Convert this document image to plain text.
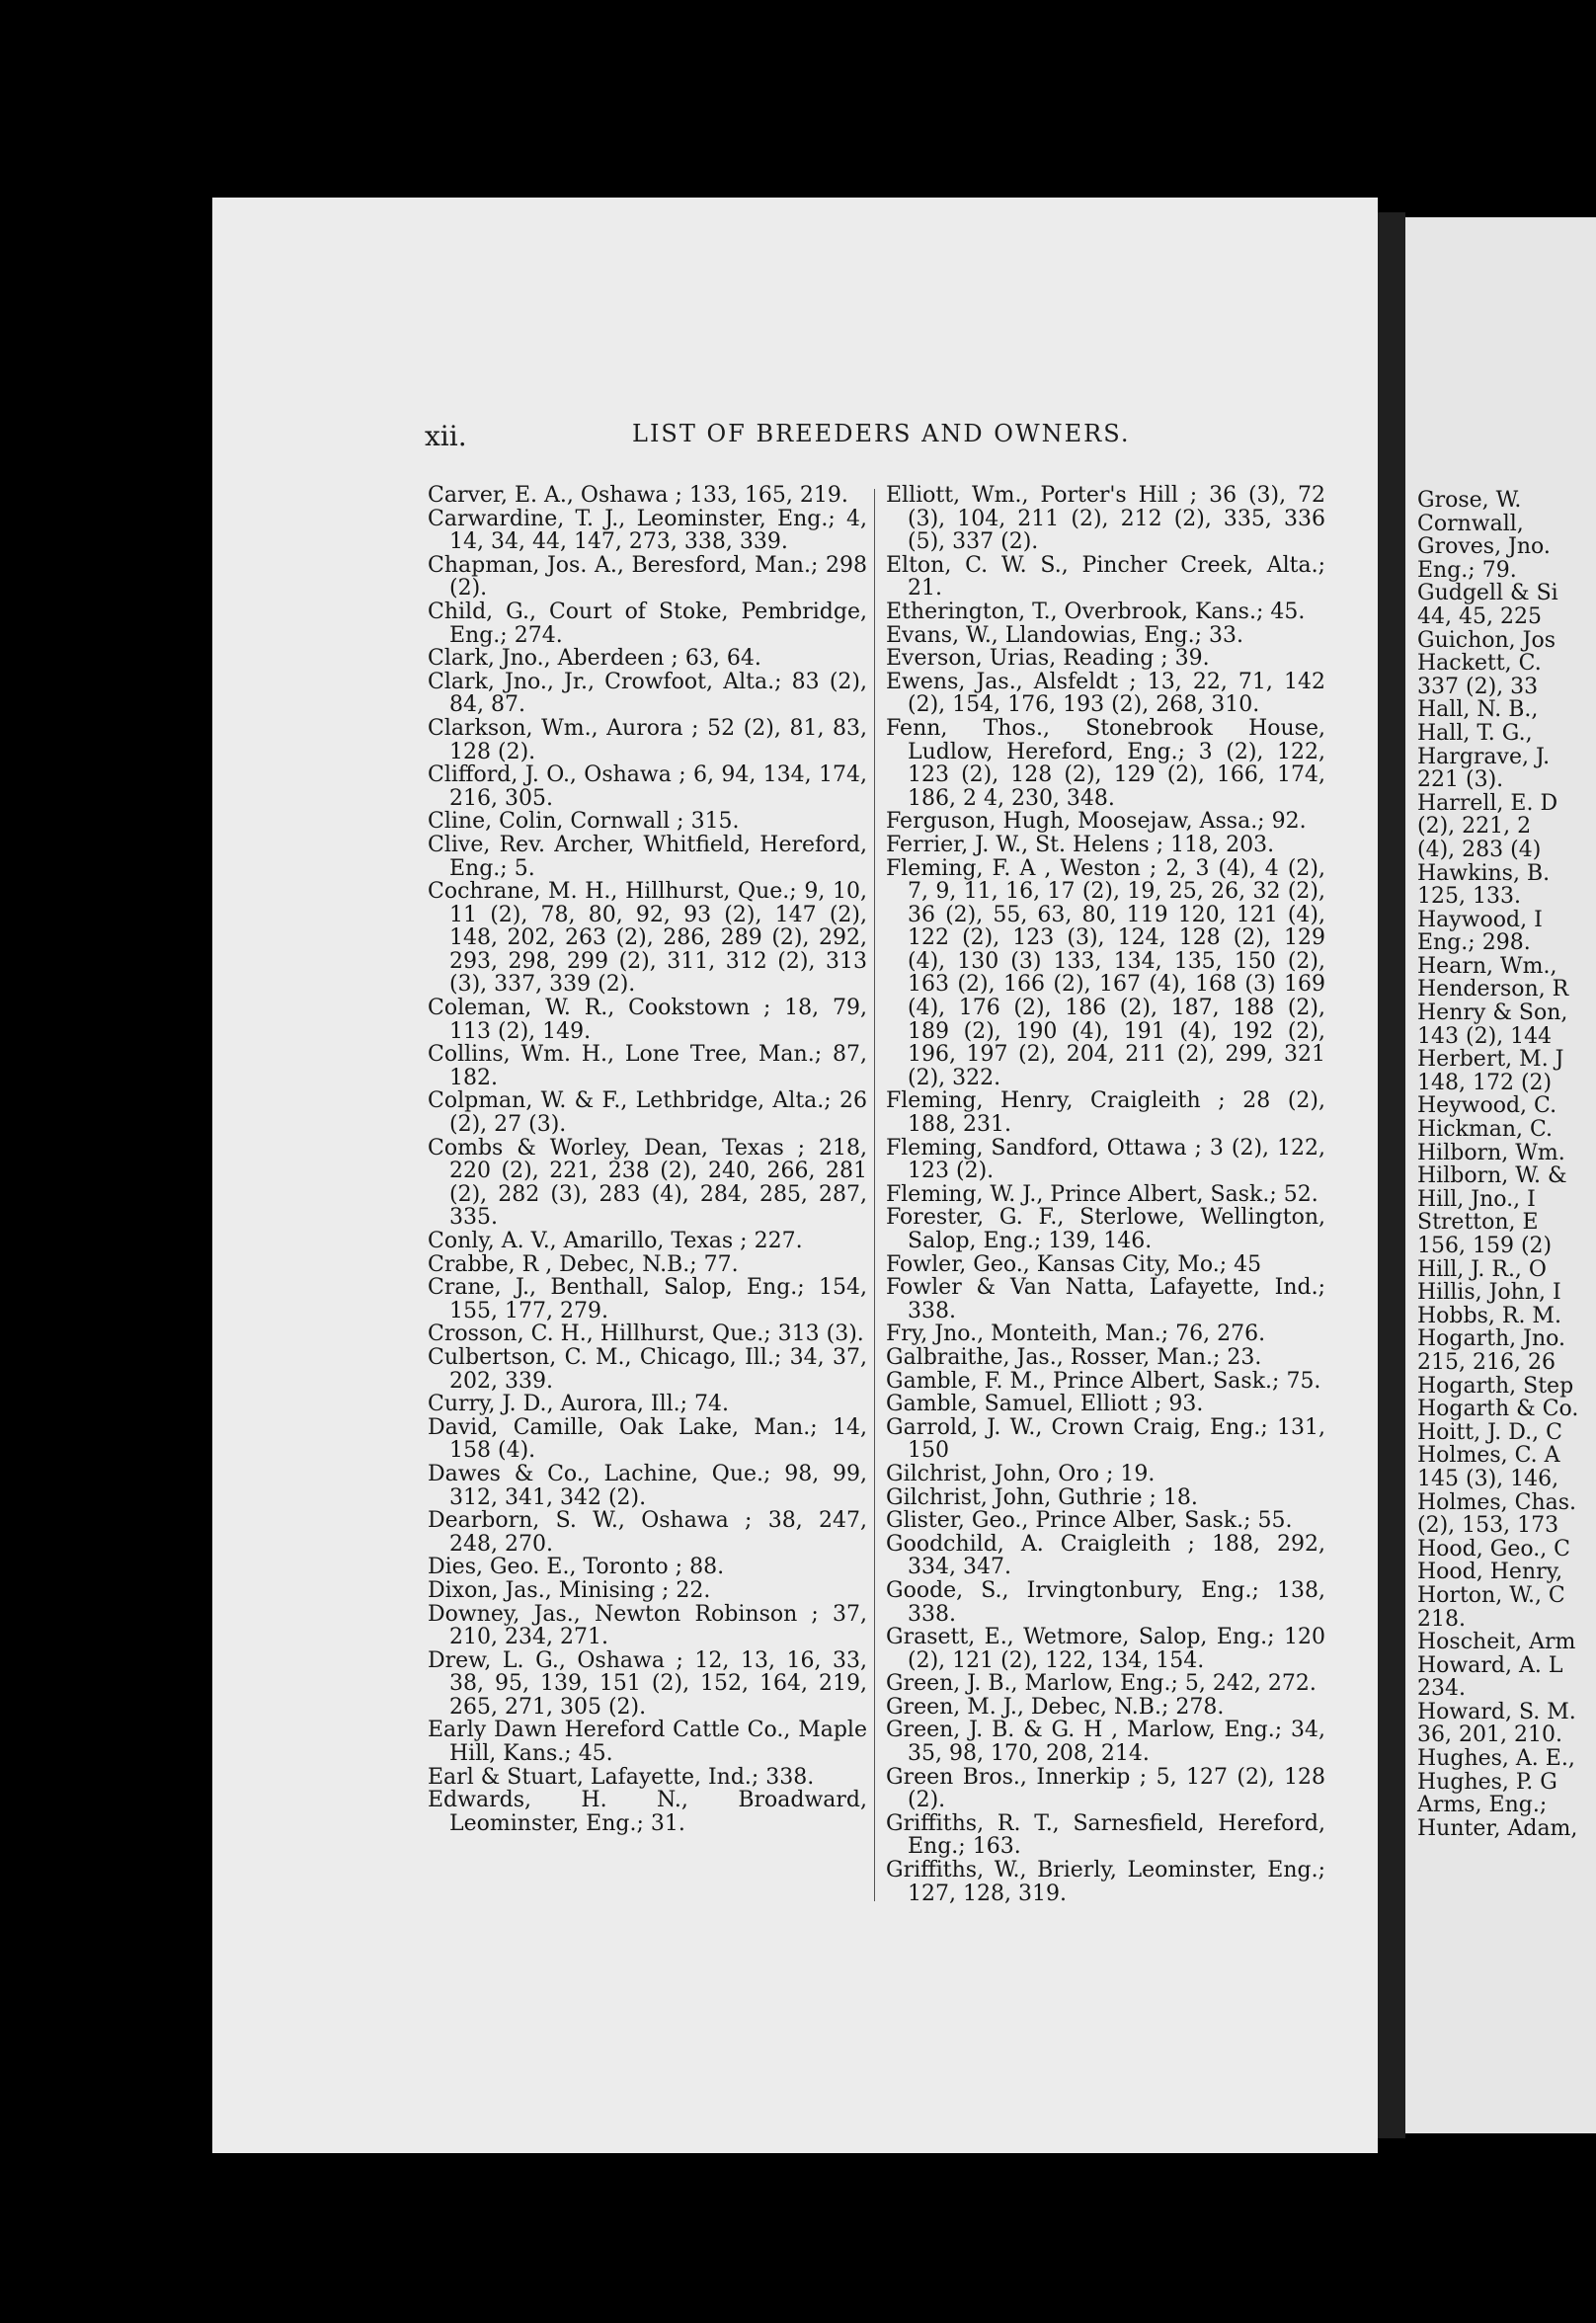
Grose, W.

Cornwall,

Groves, Jno.

Eng.; 79.

Gudgell & Si

44, 45, 225

Guichon, Jos

Hackett, C.

337 (2), 33

Hall, N. B.,

Hall, T. G.,

Hargrave, J.

221 (3).

Harrell, E. D

(2), 221, 2

(4), 283 (4)

Hawkins, B.

125, 133.

Haywood, I

Eng.; 298.

Hearn, Wm.,

Henderson, R

Henry & Son,

143 (2), 144

Herbert, M. J

148, 172 (2)

Heywood, C.

Hickman, C.

Hilborn, Wm.

Hilborn, W. &

Hill, Jno., I

Stretton, E

156, 159 (2)

Hill, J. R., O

Hillis, John, I

Hobbs, R. M.

Hogarth, Jno.

215, 216, 26

Hogarth, Step

Hogarth & Co.

Hoitt, J. D., C

Holmes, C. A

145 (3), 146,

Holmes, Chas.

(2), 153, 173

Hood, Geo., C

Hood, Henry,

Horton, W., C

218.

Hoscheit, Arm

Howard, A. L

234.

Howard, S. M.

36, 201, 210.

Hughes, A. E.,

Hughes, P. G

Arms, Eng.;

Hunter, Adam,

xii.	LIST OF BREEDERS AND OWNERS.

Carver, E. A., Oshawa ; 133, 165, 219.

Carwardine, T. J., Leominster, Eng.; 4, 14, 34, 44, 147, 273, 338, 339.

Chapman, Jos. A., Beresford, Man.; 298 (2).

Child, G., Court of Stoke, Pembridge, Eng.; 274.

Clark, Jno., Aberdeen ; 63, 64.

Clark, Jno., Jr., Crowfoot, Alta.; 83 (2), 84, 87.

Clarkson, Wm., Aurora ; 52 (2), 81, 83, 128 (2).

Clifford, J. O., Oshawa ; 6, 94, 134, 174, 216, 305.

Cline, Colin, Cornwall ; 315.

Clive, Rev. Archer, Whitfield, Hereford, Eng.; 5.

Cochrane, M. H., Hillhurst, Que.; 9, 10, 11 (2), 78, 80, 92, 93 (2), 147 (2), 148, 202, 263 (2), 286, 289 (2), 292, 293, 298, 299 (2), 311, 312 (2), 313 (3), 337, 339 (2).

Coleman, W. R., Cookstown ; 18, 79, 113 (2), 149.

Collins, Wm. H., Lone Tree, Man.; 87, 182.

Colpman, W. & F., Lethbridge, Alta.; 26 (2), 27 (3).

Combs & Worley, Dean, Texas ; 218, 220 (2), 221, 238 (2), 240, 266, 281 (2), 282 (3), 283 (4), 284, 285, 287, 335.

Conly, A. V., Amarillo, Texas ; 227.

Crabbe, R , Debec, N.B.; 77.

Crane, J., Benthall, Salop, Eng.; 154, 155, 177, 279.

Crosson, C. H., Hillhurst, Que.; 313 (3).

Culbertson, C. M., Chicago, Ill.; 34, 37, 202, 339.

Curry, J. D., Aurora, Ill.; 74.

David, Camille, Oak Lake, Man.; 14, 158 (4).

Dawes & Co., Lachine, Que.; 98, 99, 312, 341, 342 (2).

Dearborn, S. W., Oshawa ; 38, 247, 248, 270.

Dies, Geo. E., Toronto ; 88.

Dixon, Jas., Minising ; 22.

Downey, Jas., Newton Robinson ; 37, 210, 234, 271.

Drew, L. G., Oshawa ; 12, 13, 16, 33, 38, 95, 139, 151 (2), 152, 164, 219, 265, 271, 305 (2).

Early Dawn Hereford Cattle Co., Maple Hill, Kans.; 45.

Earl & Stuart, Lafayette, Ind.; 338.

Edwards, H. N., Broadward, Leominster, Eng.; 31.

Elliott, Wm., Porter's Hill ; 36 (3), 72 (3), 104, 211 (2), 212 (2), 335, 336 (5), 337 (2).

Elton, C. W. S., Pincher Creek, Alta.; 21.

Etherington, T., Overbrook, Kans.; 45.

Evans, W., Llandowias, Eng.; 33.

Everson, Urias, Reading ; 39.

Ewens, Jas., Alsfeldt ; 13, 22, 71, 142 (2), 154, 176, 193 (2), 268, 310.

Fenn, Thos., Stonebrook House, Ludlow, Hereford, Eng.; 3 (2), 122, 123 (2), 128 (2), 129 (2), 166, 174, 186, 2 4, 230, 348.

Ferguson, Hugh, Moosejaw, Assa.; 92.

Ferrier, J. W., St. Helens ; 118, 203.

Fleming, F. A , Weston ; 2, 3 (4), 4 (2), 7, 9, 11, 16, 17 (2), 19, 25, 26, 32 (2), 36 (2), 55, 63, 80, 119 120, 121 (4), 122 (2), 123 (3), 124, 128 (2), 129 (4), 130 (3) 133, 134, 135, 150 (2), 163 (2), 166 (2), 167 (4), 168 (3) 169 (4), 176 (2), 186 (2), 187, 188 (2), 189 (2), 190 (4), 191 (4), 192 (2), 196, 197 (2), 204, 211 (2), 299, 321 (2), 322.

Fleming, Henry, Craigleith ; 28 (2), 188, 231.

Fleming, Sandford, Ottawa ; 3 (2), 122, 123 (2).

Fleming, W. J., Prince Albert, Sask.; 52.

Forester, G. F., Sterlowe, Wellington, Salop, Eng.; 139, 146.

Fowler, Geo., Kansas City, Mo.; 45

Fowler & Van Natta, Lafayette, Ind.; 338.

Fry, Jno., Monteith, Man.; 76, 276.

Galbraithe, Jas., Rosser, Man.; 23.

Gamble, F. M., Prince Albert, Sask.; 75.

Gamble, Samuel, Elliott ; 93.

Garrold, J. W., Crown Craig, Eng.; 131, 150

Gilchrist, John, Oro ; 19.

Gilchrist, John, Guthrie ; 18.

Glister, Geo., Prince Alber, Sask.; 55.

Goodchild, A. Craigleith ; 188, 292, 334, 347.

Goode, S., Irvingtonbury, Eng.; 138, 338.

Grasett, E., Wetmore, Salop, Eng.; 120 (2), 121 (2), 122, 134, 154.

Green, J. B., Marlow, Eng.; 5, 242, 272.

Green, M. J., Debec, N.B.; 278.

Green, J. B. & G. H , Marlow, Eng.; 34, 35, 98, 170, 208, 214.

Green Bros., Innerkip ; 5, 127 (2), 128 (2).

Griffiths, R. T., Sarnesfield, Hereford, Eng.; 163.

Griffiths, W., Brierly, Leominster, Eng.; 127, 128, 319.
